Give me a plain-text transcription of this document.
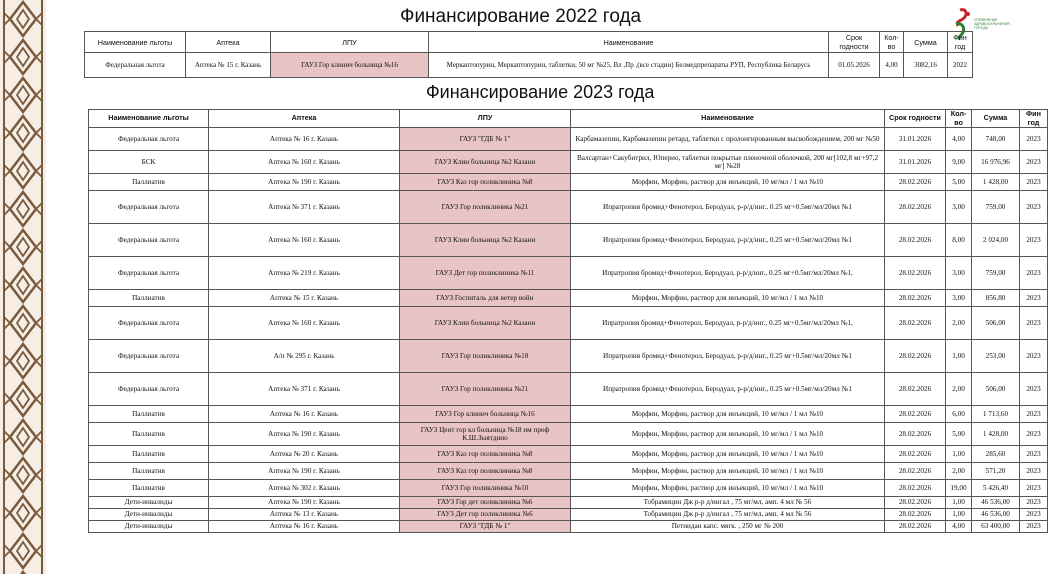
УПРАВЛЕНИЕ ЗДРАВООХРАНЕНИЯ ГОРОДА
Финансирование 2022 года
Наименование льготы	Аптека	ЛПУ	Наименование	Срок годности	Кол-во	Сумма	Фин год
Федеральная льгота	Аптека № 15 г. Казань	ГАУЗ Гор клинич больница №16	Меркаптопурин, Меркаптопурин, таблетки, 50 мг №25, Вл ,Пр ,(все стадии) Белмедпрепараты РУП, Республика Беларусь	01.05.2026	4,00	3082,16	2022
Финансирование 2023 года
Наименование льготы	Аптека	ЛПУ	Наименование	Срок годности	Кол-во	Сумма	Фин год
Федеральная льгота	Аптека № 16 г. Казань	ГАУЗ "ГДБ № 1"	Карбамазепин, Карбамазепин ретард, таблетки с пролонгированным высвобождением, 200 мг №50	31.01.2026	4,00	748,00	2023
БСК	Аптека № 160 г. Казань	ГАУЗ Клин больница №2 Казани	Валсартан+Сакубитрил, Юперио, таблетки покрытые пленочной оболочкой, 200 мг[102,8 мг+97,2 мг] №28	31.01.2026	9,00	16 976,96	2023
Паллиатив	Аптека № 190 г. Казань	ГАУЗ Каз гор поликлиника №8	Морфин, Морфин, раствор для инъекций, 10 мг/мл / 1 мл №10	28.02.2026	5,00	1 428,00	2023
Федеральная льгота	Аптека № 371 г. Казань	ГАУЗ Гор поликлиника №21	Ипратропия бромид+Фенотерол, Беродуал, р-р/д/инг., 0.25 мг+0.5мг/мл/20мл №1	28.02.2026	3,00	759,00	2023
Федеральная льгота	Аптека № 160 г. Казань	ГАУЗ Клин больница №2 Казани	Ипратропия бромид+Фенотерол, Беродуал, р-р/д/инг., 0.25 мг+0.5мг/мл/20мл №1	28.02.2026	8,00	2 024,00	2023
Федеральная льгота	Аптека № 219 г. Казань	ГАУЗ Дет гор поликлиника №11	Ипратропия бромид+Фенотерол, Беродуал, р-р/д/инг., 0.25 мг+0.5мг/мл/20мл №1,	28.02.2026	3,00	759,00	2023
Паллиатив	Аптека № 15 г. Казань	ГАУЗ Госпиталь для ветер войн	Морфин, Морфин, раствор для инъекций, 10 мг/мл / 1 мл №10	28.02.2026	3,00	856,80	2023
Федеральная льгота	Аптека № 160 г. Казань	ГАУЗ Клин больница №2 Казани	Ипратропия бромид+Фенотерол, Беродуал, р-р/д/инг., 0.25 мг+0.5мг/мл/20мл №1,	28.02.2026	2,00	506,00	2023
Федеральная льгота	А/п № 295 г. Казань	ГАУЗ Гор поликлиника №18	Ипратропия бромид+Фенотерол, Беродуал, р-р/д/инг., 0.25 мг+0.5мг/мл/20мл №1	28.02.2026	1,00	253,00	2023
Федеральная льгота	Аптека № 371 г. Казань	ГАУЗ Гор поликлиника №21	Ипратропия бромид+Фенотерол, Беродуал, р-р/д/инг., 0.25 мг+0.5мг/мл/20мл №1	28.02.2026	2,00	506,00	2023
Паллиатив	Аптека № 16 г. Казань	ГАУЗ Гор клинич больница №16	Морфин, Морфин, раствор для инъекций, 10 мг/мл / 1 мл №10	28.02.2026	6,00	1 713,60	2023
Паллиатив	Аптека № 190 г. Казань	ГАУЗ Цент гор кл больница №18 им проф К.Ш.Зыятдино	Морфин, Морфин, раствор для инъекций, 10 мг/мл / 1 мл №10	28.02.2026	5,00	1 428,00	2023
Паллиатив	Аптека № 20 г. Казань	ГАУЗ Каз гор поликлиника №8	Морфин, Морфин, раствор для инъекций, 10 мг/мл / 1 мл №10	28.02.2026	1,00	285,60	2023
Паллиатив	Аптека № 190 г. Казань	ГАУЗ Каз гор поликлиника №8	Морфин, Морфин, раствор для инъекций, 10 мг/мл / 1 мл №10	28.02.2026	2,00	571,20	2023
Паллиатив	Аптека № 302 г. Казань	ГАУЗ Гор поликлиника №10	Морфин, Морфин, раствор для инъекций, 10 мг/мл / 1 мл №10	28.02.2026	19,00	5 426,40	2023
Дети-инвалиды	Аптека № 190 г. Казань	ГАУЗ Гор дет поликлиника №6	Тобрамицин Дж р-р д/ингал , 75 мг/мл, амп. 4 мл № 56	28.02.2026	1,00	46 536,00	2023
Дети-инвалиды	Аптека № 13 г. Казань	ГАУЗ Дет гор поликлиника №6	Тобрамицин Дж р-р д/ингал , 75 мг/мл, амп. 4 мл № 56	28.02.2026	1,00	46 536,00	2023
Дети-инвалиды	Аптека № 16 г. Казань	ГАУЗ "ГДБ № 1"	Петнидан капс. мягк. , 250 мг № 200	28.02.2026	4,00	63 400,00	2023
